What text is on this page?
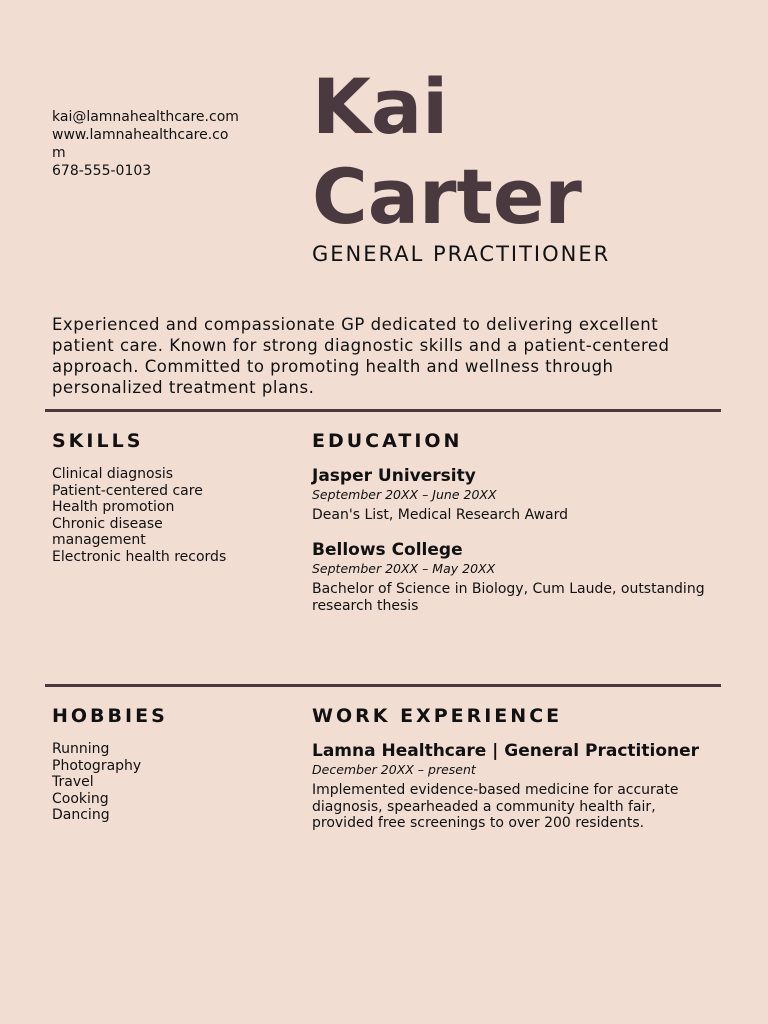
kai@lamnahealthcare.com
www.lamnahealthcare.com
678-555-0103
Kai
Carter
GENERAL PRACTITIONER
Experienced and compassionate GP dedicated to delivering excellent patient care. Known for strong diagnostic skills and a patient-centered approach. Committed to promoting health and wellness through personalized treatment plans.
SKILLS
Clinical diagnosis
Patient-centered care
Health promotion
Chronic disease management
Electronic health records
EDUCATION
Jasper University
September 20XX – June 20XX
Dean's List, Medical Research Award
Bellows College
September 20XX – May 20XX
Bachelor of Science in Biology, Cum Laude, outstanding research thesis
HOBBIES
Running
Photography
Travel
Cooking
Dancing
WORK EXPERIENCE
Lamna Healthcare | General Practitioner
December 20XX – present
Implemented evidence-based medicine for accurate diagnosis, spearheaded a community health fair, provided free screenings to over 200 residents.
